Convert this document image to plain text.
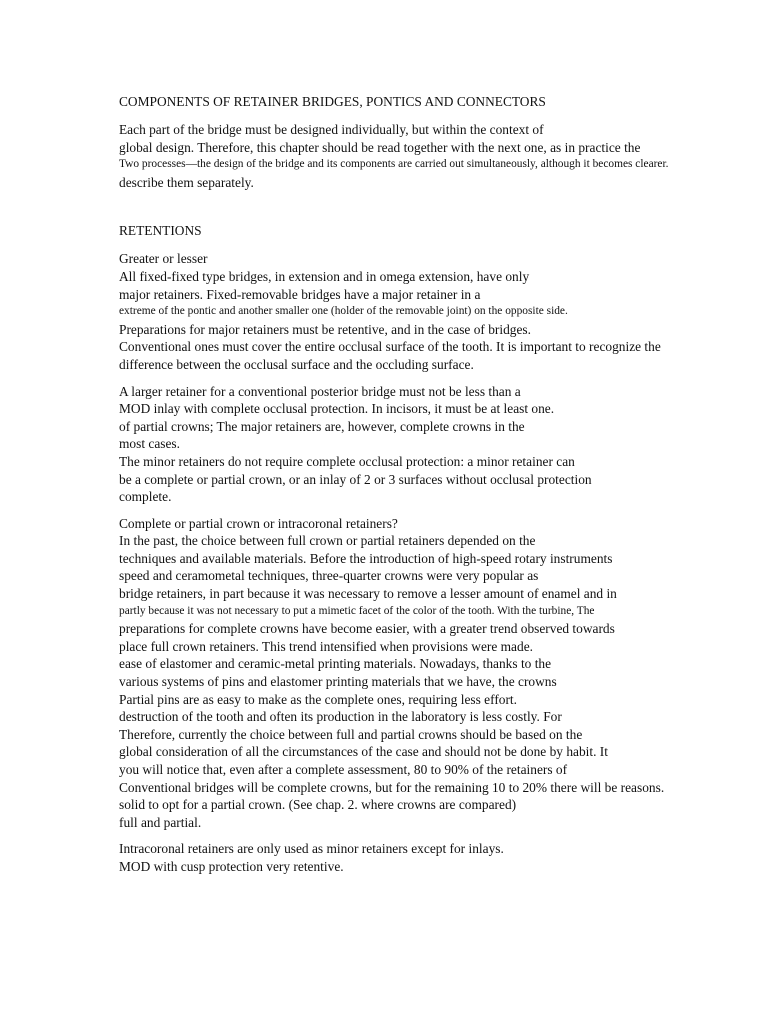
COMPONENTS OF RETAINER BRIDGES, PONTICS AND CONNECTORS
Each part of the bridge must be designed individually, but within the context of
global design. Therefore, this chapter should be read together with the next one, as in practice the
Two processes—the design of the bridge and its components are carried out simultaneously, although it becomes clearer.
describe them separately.
RETENTIONS
Greater or lesser
All fixed-fixed type bridges, in extension and in omega extension, have only
major retainers. Fixed-removable bridges have a major retainer in a
extreme of the pontic and another smaller one (holder of the removable joint) on the opposite side.
Preparations for major retainers must be retentive, and in the case of bridges.
Conventional ones must cover the entire occlusal surface of the tooth. It is important to recognize the
difference between the occlusal surface and the occluding surface.
A larger retainer for a conventional posterior bridge must not be less than a
MOD inlay with complete occlusal protection. In incisors, it must be at least one.
of partial crowns; The major retainers are, however, complete crowns in the
most cases.
The minor retainers do not require complete occlusal protection: a minor retainer can
be a complete or partial crown, or an inlay of 2 or 3 surfaces without occlusal protection
complete.
Complete or partial crown or intracoronal retainers?
In the past, the choice between full crown or partial retainers depended on the
techniques and available materials. Before the introduction of high-speed rotary instruments
speed and ceramometal techniques, three-quarter crowns were very popular as
bridge retainers, in part because it was necessary to remove a lesser amount of enamel and in
partly because it was not necessary to put a mimetic facet of the color of the tooth. With the turbine, The
preparations for complete crowns have become easier, with a greater trend observed towards
place full crown retainers. This trend intensified when provisions were made.
ease of elastomer and ceramic-metal printing materials. Nowadays, thanks to the
various systems of pins and elastomer printing materials that we have, the crowns
Partial pins are as easy to make as the complete ones, requiring less effort.
destruction of the tooth and often its production in the laboratory is less costly. For
Therefore, currently the choice between full and partial crowns should be based on the
global consideration of all the circumstances of the case and should not be done by habit. It
you will notice that, even after a complete assessment, 80 to 90% of the retainers of
Conventional bridges will be complete crowns, but for the remaining 10 to 20% there will be reasons.
solid to opt for a partial crown. (See chap. 2. where crowns are compared)
full and partial.
Intracoronal retainers are only used as minor retainers except for inlays.
MOD with cusp protection very retentive.
